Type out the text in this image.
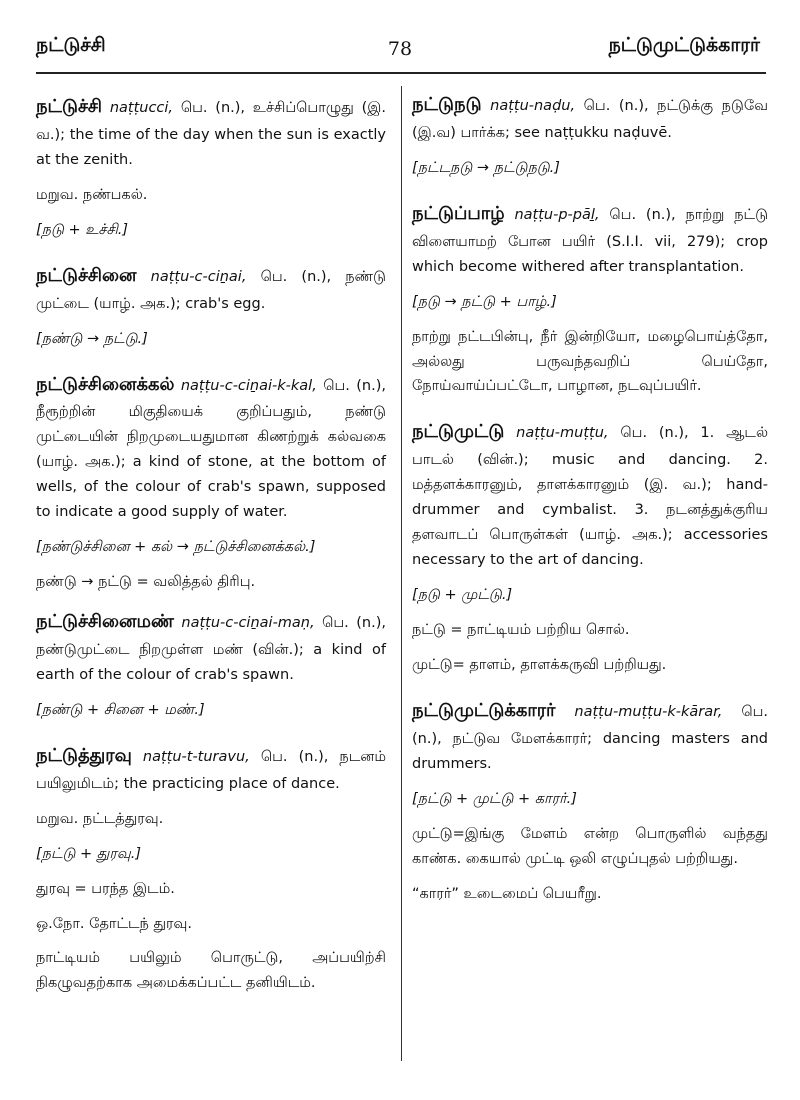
நட்டுச்சி	78	நட்டுமுட்டுக்காரர்

நட்டுச்சி naṭṭucci, பெ. (n.), உச்சிப்பொழுது (இ. வ.); the time of the day when the sun is exactly at the zenith.

மறுவ. நண்பகல்.

[நடு + உச்சி.]

நட்டுச்சினை naṭṭu-c-ciṉai, பெ. (n.), நண்டு முட்டை (யாழ். அக.); crab's egg.

[நண்டு → நட்டு.]

நட்டுச்சினைக்கல் naṭṭu-c-ciṉai-k-kal, பெ. (n.), நீரூற்றின் மிகுதியைக் குறிப்பதும், நண்டு முட்டையின் நிறமுடையதுமான கிணற்றுக் கல்வகை (யாழ். அக.); a kind of stone, at the bottom of wells, of the colour of crab's spawn, supposed to indicate a good supply of water.

[நண்டுச்சினை + கல் → நட்டுச்சினைக்கல்.]

நண்டு → நட்டு = வலித்தல் திரிபு.

நட்டுச்சினைமண் naṭṭu-c-ciṉai-maṇ, பெ. (n.), நண்டுமுட்டை நிறமுள்ள மண் (வின்.); a kind of earth of the colour of crab's spawn.

[நண்டு + சினை + மண்.]

நட்டுத்துரவு naṭṭu-t-turavu, பெ. (n.), நடனம் பயிலுமிடம்; the practicing place of dance.

மறுவ. நட்டத்துரவு.

[நட்டு + துரவு.]

துரவு = பரந்த இடம்.

ஒ.நோ. தோட்டந் துரவு.

நாட்டியம் பயிலும் பொருட்டு, அப்பயிற்சி நிகழுவதற்காக அமைக்கப்பட்ட தனியிடம்.

நட்டுநடு naṭṭu-naḍu, பெ. (n.), நட்டுக்கு நடுவே (இ.வ) பார்க்க; see naṭṭukku naḍuvē.

[நட்டநடு → நட்டுநடு.]

நட்டுப்பாழ் naṭṭu-p-pāḻ, பெ. (n.), நாற்று நட்டு விளையாமற் போன பயிர் (S.I.I. vii, 279); crop which become withered after transplantation.

[நடு → நட்டு + பாழ்.]

நாற்று நட்டபின்பு, நீர் இன்றியோ, மழைபொய்த்தோ, அல்லது பருவந்தவறிப் பெய்தோ, நோய்வாய்ப்பட்டோ, பாழான, நடவுப்பயிர்.

நட்டுமுட்டு naṭṭu-muṭṭu, பெ. (n.), 1. ஆடல் பாடல் (வின்.); music and dancing. 2. மத்தளக்காரனும், தாளக்காரனும் (இ. வ.); hand-drummer and cymbalist. 3. நடனத்துக்குரிய தளவாடப் பொருள்கள் (யாழ். அக.); accessories necessary to the art of dancing.

[நடு + முட்டு.]

நட்டு = நாட்டியம் பற்றிய சொல்.

முட்டு= தாளம், தாளக்கருவி பற்றியது.

நட்டுமுட்டுக்காரர் naṭṭu-muṭṭu-k-kārar, பெ. (n.), நட்டுவ மேளக்காரர்; dancing masters and drummers.

[நட்டு + முட்டு + காரர்.]

முட்டு=இங்கு மேளம் என்ற பொருளில் வந்தது காண்க. கையால் முட்டி ஒலி எழுப்புதல் பற்றியது.

“காரர்” உடைமைப் பெயரீறு.
